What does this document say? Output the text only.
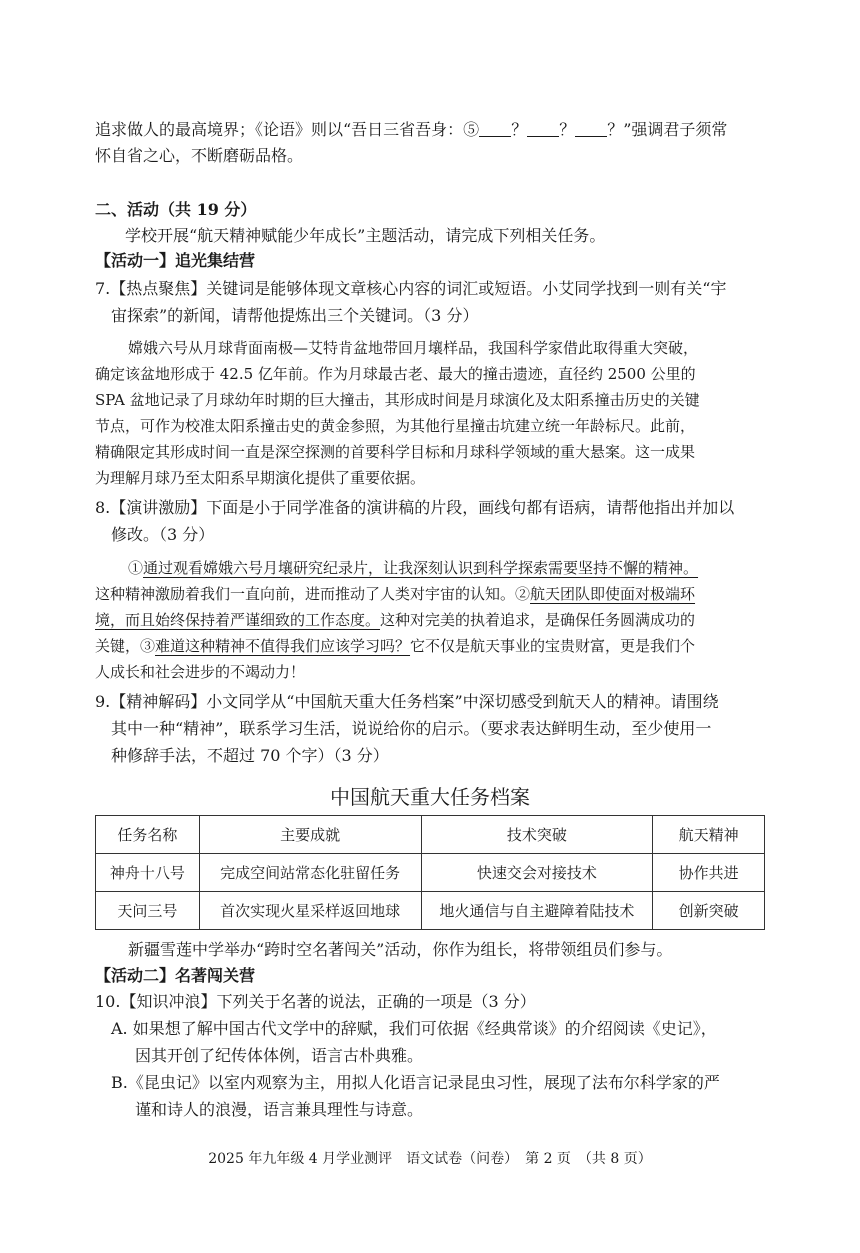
追求做人的最高境界；《论语》则以“吾日三省吾身：⑤ ？ ？ ？”强调君子须常
怀自省之心，不断磨砺品格。
二、活动（共 19 分）
学校开展“航天精神赋能少年成长”主题活动，请完成下列相关任务。
【活动一】追光集结营
7.【热点聚焦】关键词是能够体现文章核心内容的词汇或短语。小艾同学找到一则有关“宇
宙探索”的新闻，请帮他提炼出三个关键词。（3 分）
嫦娥六号从月球背面南极—艾特肯盆地带回月壤样品，我国科学家借此取得重大突破，
确定该盆地形成于 42.5 亿年前。作为月球最古老、最大的撞击遗迹，直径约 2500 公里的
SPA 盆地记录了月球幼年时期的巨大撞击，其形成时间是月球演化及太阳系撞击历史的关键
节点，可作为校准太阳系撞击史的黄金参照，为其他行星撞击坑建立统一年龄标尺。此前，
精确限定其形成时间一直是深空探测的首要科学目标和月球科学领域的重大悬案。这一成果
为理解月球乃至太阳系早期演化提供了重要依据。
8.【演讲激励】下面是小于同学准备的演讲稿的片段，画线句都有语病，请帮他指出并加以
修改。（3 分）
①通过观看嫦娥六号月壤研究纪录片，让我深刻认识到科学探索需要坚持不懈的精神。
这种精神激励着我们一直向前，进而推动了人类对宇宙的认知。②航天团队即使面对极端环
境，而且始终保持着严谨细致的工作态度。这种对完美的执着追求，是确保任务圆满成功的
关键，③难道这种精神不值得我们应该学习吗？它不仅是航天事业的宝贵财富，更是我们个
人成长和社会进步的不竭动力！
9.【精神解码】小文同学从“中国航天重大任务档案”中深切感受到航天人的精神。请围绕
其中一种“精神”，联系学习生活，说说给你的启示。（要求表达鲜明生动，至少使用一
种修辞手法，不超过 70 个字）（3 分）
中国航天重大任务档案
任务名称	主要成就	技术突破	航天精神
神舟十八号	完成空间站常态化驻留任务	快速交会对接技术	协作共进
天问三号	首次实现火星采样返回地球	地火通信与自主避障着陆技术	创新突破
新疆雪莲中学举办“跨时空名著闯关”活动，你作为组长，将带领组员们参与。
【活动二】名著闯关营
10.【知识冲浪】下列关于名著的说法，正确的一项是（3 分）
A. 如果想了解中国古代文学中的辞赋，我们可依据《经典常谈》的介绍阅读《史记》，
因其开创了纪传体体例，语言古朴典雅。
B.《昆虫记》以室内观察为主，用拟人化语言记录昆虫习性，展现了法布尔科学家的严
谨和诗人的浪漫，语言兼具理性与诗意。
2025 年九年级 4 月学业测评　语文试卷（问卷）　第 2 页　（共 8 页）
